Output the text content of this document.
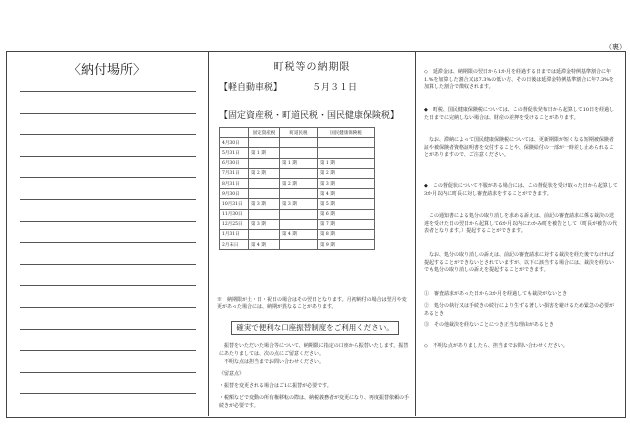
（裏）
〈納付場所〉	町税等の納期限
【軽自動車税】	５月３１日
【固定資産税・町道民税・国民健康保険税】
	固定資産税	町道民税	国民健康保険税
4月30日			
5月31日	第 1 期		
6月30日		第 1 期	第 1 期
7月31日	第 2 期		第 2 期
8月31日		第 2 期	第 3 期
9月30日			第 4 期
10月31日	第 3 期	第 3 期	第 5 期
11月30日			第 6 期
12月25日	第 3 期		第 7 期
1月31日		第 4 期	第 8 期
2月末日	第 4 期		第 9 期
※　納期限が土・日・祝日の場合はその翌日となります。月初納付の場合は翌月や変更があった場合には、納期が異なることがあります。
確実で便利な口座振替制度をご利用ください。
　振替をいただいた場合等について、納期限に指定の口座から振替いたします。振替にあたりましては、次の点にご留意ください。
　不明な点は担当までお問い合わせください。
《留意点》
・振替を変更される場合はご1に振替が必要です。
・税額などで変動の所有権移転の際は、納税義務者が変更になり、再度振替依頼の手続きが必要です。
◇　延滞金は、納期限の翌日から1か月を経過する日までは延滞金特例基準割合に年1.%を加算した割合又は7.3%の低い方、その日後は延滞金特例基準割合に年7.3%を加算した割合で徴収されます。
◆　町税、国民健康保険税については、この督促状発布日から起算して10日を経過した日までに完納しない場合は、財産の差押を受けることがあります。
　なお、滞納によって国民健康保険税については、更新期限が短くなる短期被保険者証や被保険者資格証明書を交付することや、保険給付の一部が一時差し止められることがありますので、ご注意ください。
◆　この督促状について不服がある場合には、この督促状を受け取った日から起算して3か月以内に町長に対し審査請求をすることができます。
　この通知書による処分の取り消しを求める訴えは、前記の審査請求に係る裁決の送達を受けた日の翌日から起算して6か月以内にわかみ町を被告として（町長が被告の代表者となります。）提起することができます。
　なお、処分の取り消しの訴えは、前記の審査請求に対する裁決を経た後でなければ提起することができないとされていますが、以下に該当する場合には、裁決を経ないでも処分の取り消しの訴えを提起することができます。
①　審査請求があった日から3か月を経過しても裁決がないとき
②　処分の執行又は手続きの続行により生ずる著しい損害を避けるため緊急の必要があるとき
③　その他裁決を経ないことにつき正当な理由があるとき
◇　不明な点がありましたら、担当までお問い合わせください。
